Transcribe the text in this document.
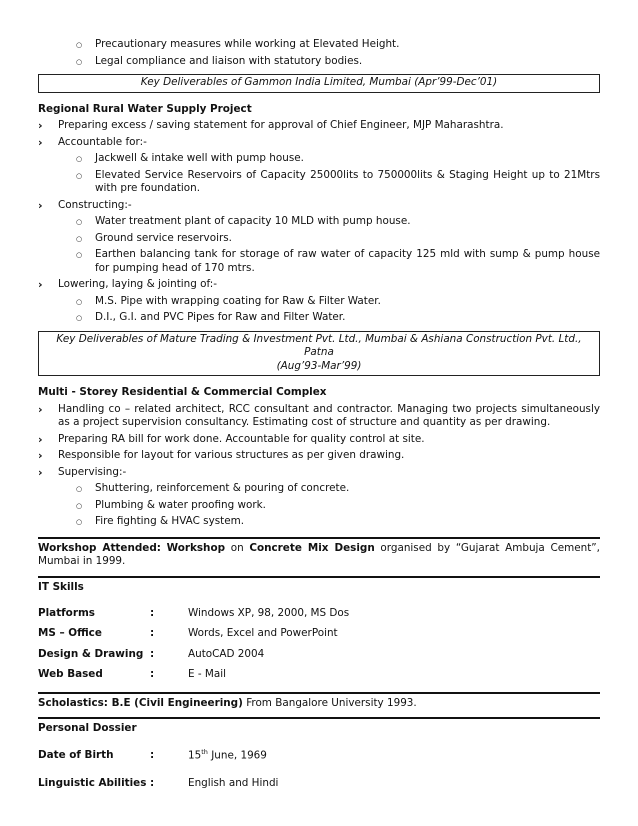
○ Precautionary measures while working at Elevated Height.
○ Legal compliance and liaison with statutory bodies.
Key Deliverables of Gammon India Limited, Mumbai (Apr’99-Dec’01)
Regional Rural Water Supply Project
› Preparing excess / saving statement for approval of Chief Engineer, MJP Maharashtra.
› Accountable for:-
○ Jackwell & intake well with pump house.
○ Elevated Service Reservoirs of Capacity 25000lits to 750000lits & Staging Height up to 21Mtrs with pre foundation.
› Constructing:-
○ Water treatment plant of capacity 10 MLD with pump house.
○ Ground service reservoirs.
○ Earthen balancing tank for storage of raw water of capacity 125 mld with sump & pump house for pumping head of 170 mtrs.
› Lowering, laying & jointing of:-
○ M.S. Pipe with wrapping coating for Raw & Filter Water.
○ D.I., G.I. and PVC Pipes for Raw and Filter Water.
Key Deliverables of Mature Trading & Investment Pvt. Ltd., Mumbai & Ashiana Construction Pvt. Ltd., Patna
(Aug’93-Mar’99)
Multi - Storey Residential & Commercial Complex
› Handling co – related architect, RCC consultant and contractor. Managing two projects simultaneously as a project supervision consultancy. Estimating cost of structure and quantity as per drawing.
› Preparing RA bill for work done. Accountable for quality control at site.
› Responsible for layout for various structures as per given drawing.
› Supervising:-
○ Shuttering, reinforcement & pouring of concrete.
○ Plumbing & water proofing work.
○ Fire fighting & HVAC system.
Workshop Attended: Workshop on Concrete Mix Design organised by “Gujarat Ambuja Cement”, Mumbai in 1999.
IT Skills
Platforms	:	Windows XP, 98, 2000, MS Dos
MS – Office	:	Words, Excel and PowerPoint
Design & Drawing :	AutoCAD 2004
Web Based	:	E - Mail
Scholastics: B.E (Civil Engineering) From Bangalore University 1993.
Personal Dossier
Date of Birth	:	15th June, 1969
Linguistic Abilities :	English and Hindi
